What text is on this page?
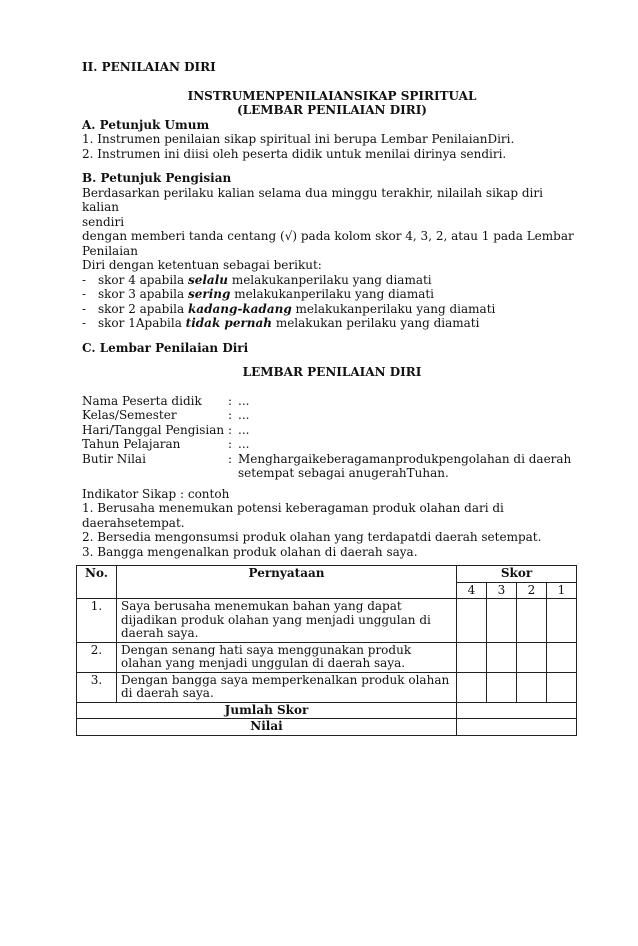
II. PENILAIAN DIRI

INSTRUMENPENILAIANSIKAP SPIRITUAL

(LEMBAR PENILAIAN DIRI)

A. Petunjuk Umum

1. Instrumen penilaian sikap spiritual ini berupa Lembar PenilaianDiri.

2. Instrumen ini diisi oleh peserta didik untuk menilai dirinya sendiri.

B. Petunjuk Pengisian

Berdasarkan perilaku kalian selama dua minggu terakhir, nilailah sikap diri kalian

sendiri

dengan memberi tanda centang (√) pada kolom skor 4, 3, 2, atau 1 pada Lembar

Penilaian

Diri dengan ketentuan sebagai berikut:

- skor 4 apabila selalu melakukanperilaku yang diamati
- skor 3 apabila sering melakukanperilaku yang diamati
- skor 2 apabila kadang-kadang melakukanperilaku yang diamati
- skor 1Apabila tidak pernah melakukan perilaku yang diamati

C. Lembar Penilaian Diri

LEMBAR PENILAIAN DIRI

Nama Peserta didik	: ...
Kelas/Semester	: ...
Hari/Tanggal Pengisian : ...
Tahun Pelajaran	: ...
Butir Nilai	: Menghargaikeberagamanprodukpengolahan di daerah
setempat sebagai anugerahTuhan.

Indikator Sikap : contoh

1. Berusaha menemukan potensi keberagaman produk olahan dari di daerahsetempat.

2. Bersedia mengonsumsi produk olahan yang terdapatdi daerah setempat.

3. Bangga mengenalkan produk olahan di daerah saya.

No.	Pernyataan	Skor			
		4	3	2	1
1.	Saya berusaha menemukan bahan yang dapat dijadikan produk olahan yang menjadi unggulan di daerah saya.				
2.	Dengan senang hati saya menggunakan produk olahan yang menjadi unggulan di daerah saya.				
3.	Dengan bangga saya memperkenalkan produk olahan di daerah saya.				
Jumlah Skor					
Nilai					
